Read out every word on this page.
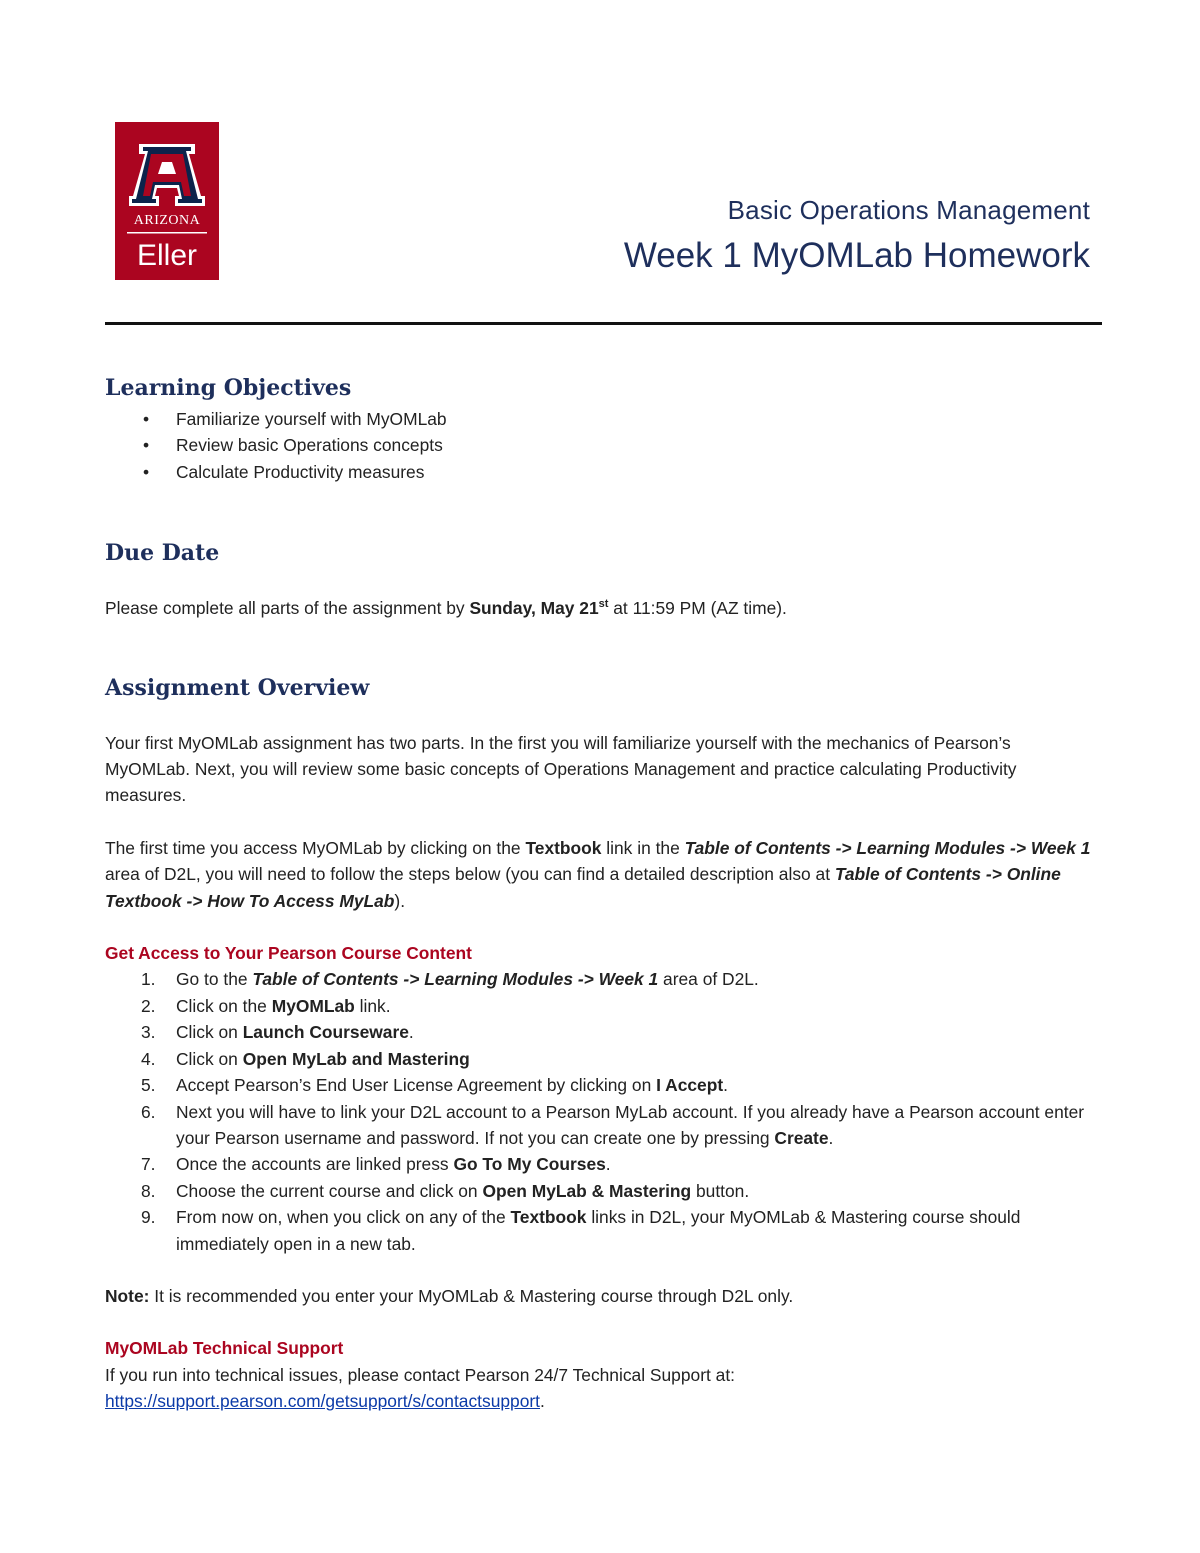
ARIZONA
Eller
Basic Operations Management
Week 1 MyOMLab Homework
Learning Objectives
• Familiarize yourself with MyOMLab
• Review basic Operations concepts
• Calculate Productivity measures
Due Date

Please complete all parts of the assignment by Sunday, May 21st at 11:59 PM (AZ time).

Assignment Overview

Your first MyOMLab assignment has two parts. In the first you will familiarize yourself with the mechanics of Pearson’s MyOMLab. Next, you will review some basic concepts of Operations Management and practice calculating Productivity measures.

The first time you access MyOMLab by clicking on the Textbook link in the Table of Contents -> Learning Modules -> Week 1 area of D2L, you will need to follow the steps below (you can find a detailed description also at Table of Contents -> Online Textbook -> How To Access MyLab).

Get Access to Your Pearson Course Content

1. Go to the Table of Contents -> Learning Modules -> Week 1 area of D2L.
2. Click on the MyOMLab link.
3. Click on Launch Courseware.
4. Click on Open MyLab and Mastering
5. Accept Pearson’s End User License Agreement by clicking on I Accept.
6. Next you will have to link your D2L account to a Pearson MyLab account. If you already have a Pearson account enter your Pearson username and password. If not you can create one by pressing Create.
7. Once the accounts are linked press Go To My Courses.
8. Choose the current course and click on Open MyLab & Mastering button.
9. From now on, when you click on any of the Textbook links in D2L, your MyOMLab & Mastering course should immediately open in a new tab.

Note: It is recommended you enter your MyOMLab & Mastering course through D2L only.

MyOMLab Technical Support

If you run into technical issues, please contact Pearson 24/7 Technical Support at:

https://support.pearson.com/getsupport/s/contactsupport.
